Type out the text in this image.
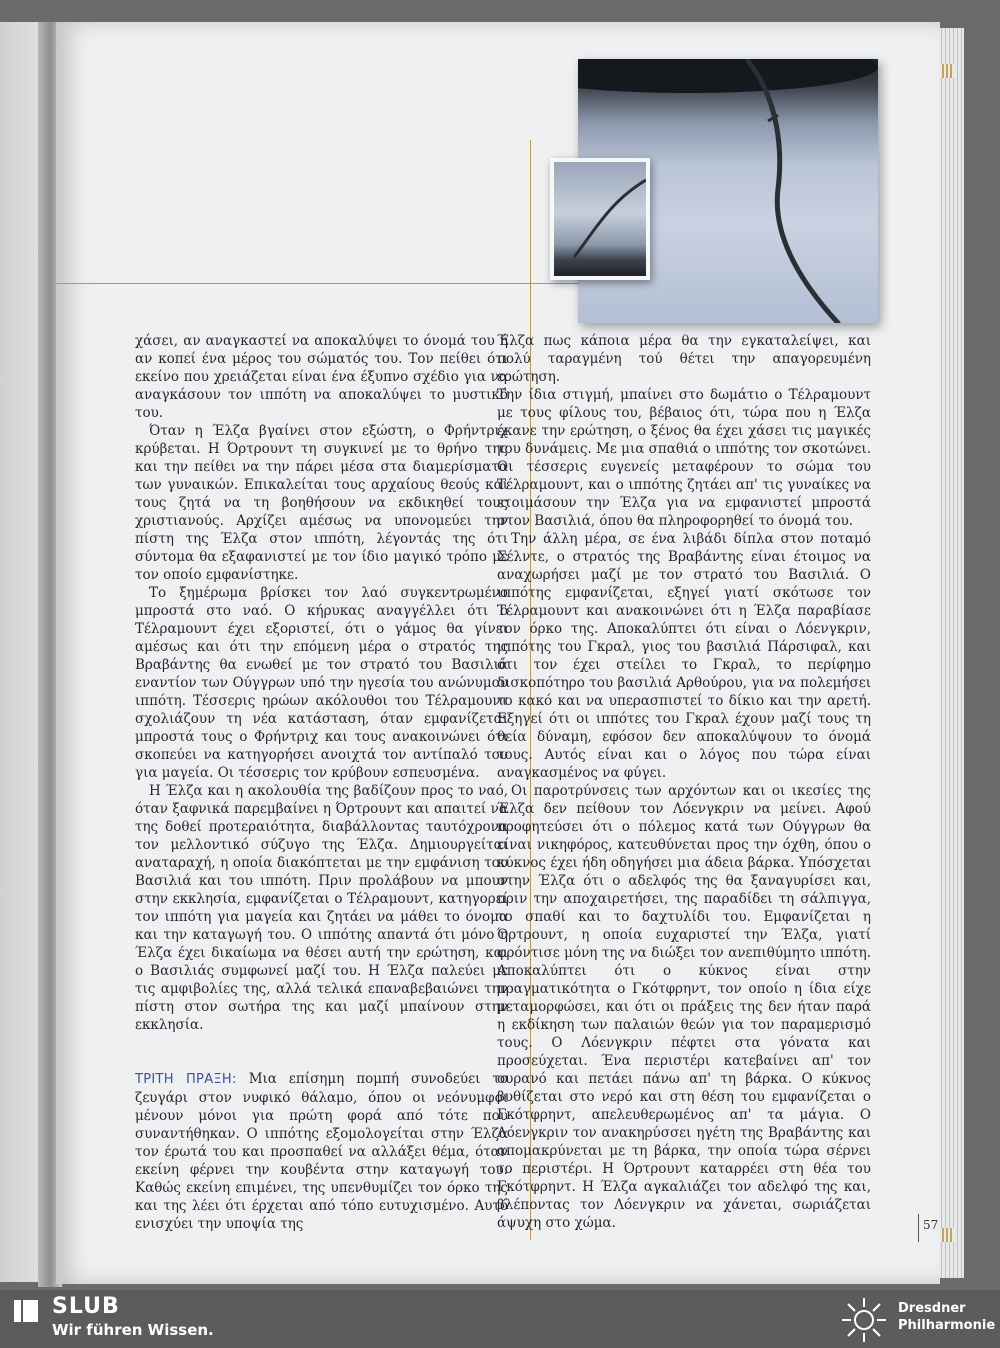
χάσει, αν αναγκαστεί να αποκαλύψει το όνομά του ή αν κοπεί ένα μέρος του σώματός του. Τον πείθει ότι εκείνο που χρειάζεται είναι ένα έξυπνο σχέδιο για να αναγκάσουν τον ιππότη να αποκαλύψει το μυστικό του.

Όταν η Έλζα βγαίνει στον εξώστη, ο Φρήντριχ κρύβεται. Η Όρτρουντ τη συγκινεί με το θρήνο της και την πείθει να την πάρει μέσα στα διαμερίσματα των γυναικών. Επικαλείται τους αρχαίους θεούς και τους ζητά να τη βοηθήσουν να εκδικηθεί τους χριστιανούς. Αρχίζει αμέσως να υπονομεύει την πίστη της Έλζα στον ιππότη, λέγοντάς της ότι σύντομα θα εξαφανιστεί με τον ίδιο μαγικό τρόπο με τον οποίο εμφανίστηκε.

Το ξημέρωμα βρίσκει τον λαό συγκεντρωμένο μπροστά στο ναό. Ο κήρυκας αναγγέλλει ότι ο Τέλραμουντ έχει εξοριστεί, ότι ο γάμος θα γίνει αμέσως και ότι την επόμενη μέρα ο στρατός της Βραβάντης θα ενωθεί με τον στρατό του Βασιλιά εναντίον των Ούγγρων υπό την ηγεσία του ανώνυμου ιππότη. Τέσσερις ηρώων ακόλουθοι του Τέλραμουντ σχολιάζουν τη νέα κατάσταση, όταν εμφανίζεται μπροστά τους ο Φρήντριχ και τους ανακοινώνει ότι σκοπεύει να κατηγορήσει ανοιχτά τον αντίπαλό του για μαγεία. Οι τέσσερις τον κρύβουν εσπευσμένα.

Η Έλζα και η ακολουθία της βαδίζουν προς το ναό, όταν ξαφνικά παρεμβαίνει η Όρτρουντ και απαιτεί να της δοθεί προτεραιότητα, διαβάλλοντας ταυτόχρονα τον μελλοντικό σύζυγο της Έλζα. Δημιουργείται αναταραχή, η οποία διακόπτεται με την εμφάνιση του Βασιλιά και του ιππότη. Πριν προλάβουν να μπουν στην εκκλησία, εμφανίζεται ο Τέλραμουντ, κατηγορεί τον ιππότη για μαγεία και ζητάει να μάθει το όνομα και την καταγωγή του. Ο ιππότης απαντά ότι μόνο η Έλζα έχει δικαίωμα να θέσει αυτή την ερώτηση, και ο Βασιλιάς συμφωνεί μαζί του. Η Έλζα παλεύει με τις αμφιβολίες της, αλλά τελικά επαναβεβαιώνει την πίστη στον σωτήρα της και μαζί μπαίνουν στην εκκλησία.

ΤΡΙΤΗ ΠΡΑΞΗ: Μια επίσημη πομπή συνοδεύει το ζευγάρι στον νυφικό θάλαμο, όπου οι νεόνυμφοι μένουν μόνοι για πρώτη φορά από τότε που συναντήθηκαν. Ο ιππότης εξομολογείται στην Έλζα τον έρωτά του και προσπαθεί να αλλάξει θέμα, όταν εκείνη φέρνει την κουβέντα στην καταγωγή του. Καθώς εκείνη επιμένει, της υπενθυμίζει τον όρκο της και της λέει ότι έρχεται από τόπο ευτυχισμένο. Αυτό ενισχύει την υποψία της

Έλζα πως κάποια μέρα θα την εγκαταλείψει, και πολύ ταραγμένη τού θέτει την απαγορευμένη ερώτηση.

Την ίδια στιγμή, μπαίνει στο δωμάτιο ο Τέλραμουντ με τους φίλους του, βέβαιος ότι, τώρα που η Έλζα έκανε την ερώτηση, ο ξένος θα έχει χάσει τις μαγικές του δυνάμεις. Με μια σπαθιά ο ιππότης τον σκοτώνει. Οι τέσσερις ευγενείς μεταφέρουν το σώμα του Τέλραμουντ, και ο ιππότης ζητάει απ' τις γυναίκες να ετοιμάσουν την Έλζα για να εμφανιστεί μπροστά στον Βασιλιά, όπου θα πληροφορηθεί το όνομά του.

Την άλλη μέρα, σε ένα λιβάδι δίπλα στον ποταμό Σέλντε, ο στρατός της Βραβάντης είναι έτοιμος να αναχωρήσει μαζί με τον στρατό του Βασιλιά. Ο ιππότης εμφανίζεται, εξηγεί γιατί σκότωσε τον Τέλραμουντ και ανακοινώνει ότι η Έλζα παραβίασε τον όρκο της. Αποκαλύπτει ότι είναι ο Λόενγκριν, ιππότης του Γκραλ, γιος του βασιλιά Πάρσιφαλ, και ότι τον έχει στείλει το Γκραλ, το περίφημο δισκοπότηρο του βασιλιά Αρθούρου, για να πολεμήσει το κακό και να υπερασπιστεί το δίκιο και την αρετή. Εξηγεί ότι οι ιππότες του Γκραλ έχουν μαζί τους τη θεία δύναμη, εφόσον δεν αποκαλύψουν το όνομά τους. Αυτός είναι και ο λόγος που τώρα είναι αναγκασμένος να φύγει.

Οι παροτρύνσεις των αρχόντων και οι ικεσίες της Έλζα δεν πείθουν τον Λόενγκριν να μείνει. Αφού προφητεύσει ότι ο πόλεμος κατά των Ούγγρων θα είναι νικηφόρος, κατευθύνεται προς την όχθη, όπου ο κύκνος έχει ήδη οδηγήσει μια άδεια βάρκα. Υπόσχεται στην Έλζα ότι ο αδελφός της θα ξαναγυρίσει και, πριν την αποχαιρετήσει, της παραδίδει τη σάλπιγγα, το σπαθί και το δαχτυλίδι του. Εμφανίζεται η Όρτρουντ, η οποία ευχαριστεί την Έλζα, γιατί φρόντισε μόνη της να διώξει τον ανεπιθύμητο ιππότη. Αποκαλύπτει ότι ο κύκνος είναι στην πραγματικότητα ο Γκότφρηντ, τον οποίο η ίδια είχε μεταμορφώσει, και ότι οι πράξεις της δεν ήταν παρά η εκδίκηση των παλαιών θεών για τον παραμερισμό τους. Ο Λόενγκριν πέφτει στα γόνατα και προσεύχεται. Ένα περιστέρι κατεβαίνει απ' τον ουρανό και πετάει πάνω απ' τη βάρκα. Ο κύκνος βυθίζεται στο νερό και στη θέση του εμφανίζεται ο Γκότφρηντ, απελευθερωμένος απ' τα μάγια. Ο Λόενγκριν τον ανακηρύσσει ηγέτη της Βραβάντης και απομακρύνεται με τη βάρκα, την οποία τώρα σέρνει το περιστέρι. Η Όρτρουντ καταρρέει στη θέα του Γκότφρηντ. Η Έλζα αγκαλιάζει τον αδελφό της και, βλέποντας τον Λόενγκριν να χάνεται, σωριάζεται άψυχη στο χώμα.	57
SLUB
Wir führen Wissen.
Dresdner
Philharmonie
